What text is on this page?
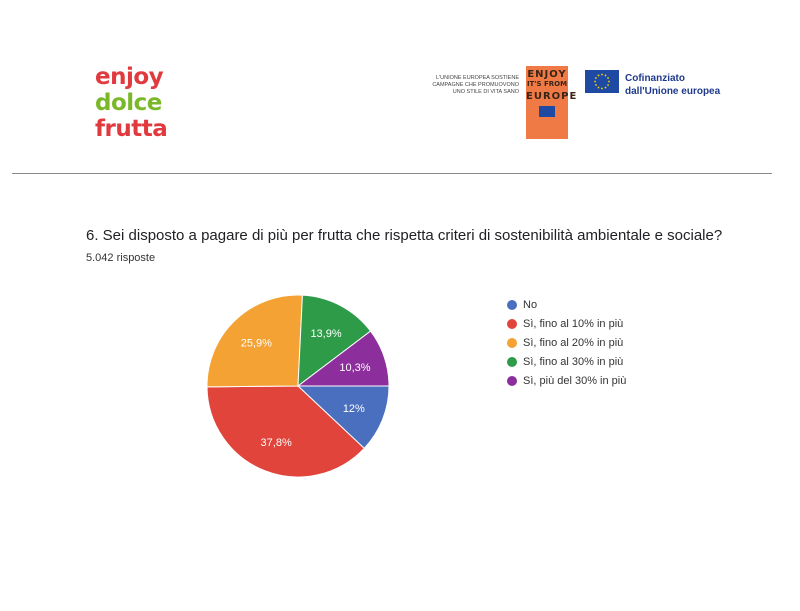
enjoy
dolce
frutta
L'UNIONE EUROPEA SOSTIENE CAMPAGNE CHE PROMUOVONO UNO STILE DI VITA SANO
ENJOY
IT'S FROM
EUROPE
Cofinanziato
dall'Unione europea
6. Sei disposto a pagare di più per frutta che rispetta criteri di sostenibilità ambientale e sociale?
5.042 risposte
12%
37,8%
25,9%
13,9%
10,3%
No
Sì, fino al 10% in più
Sì, fino al 20% in più
Sì, fino al 30% in più
Sì, più del 30% in più
